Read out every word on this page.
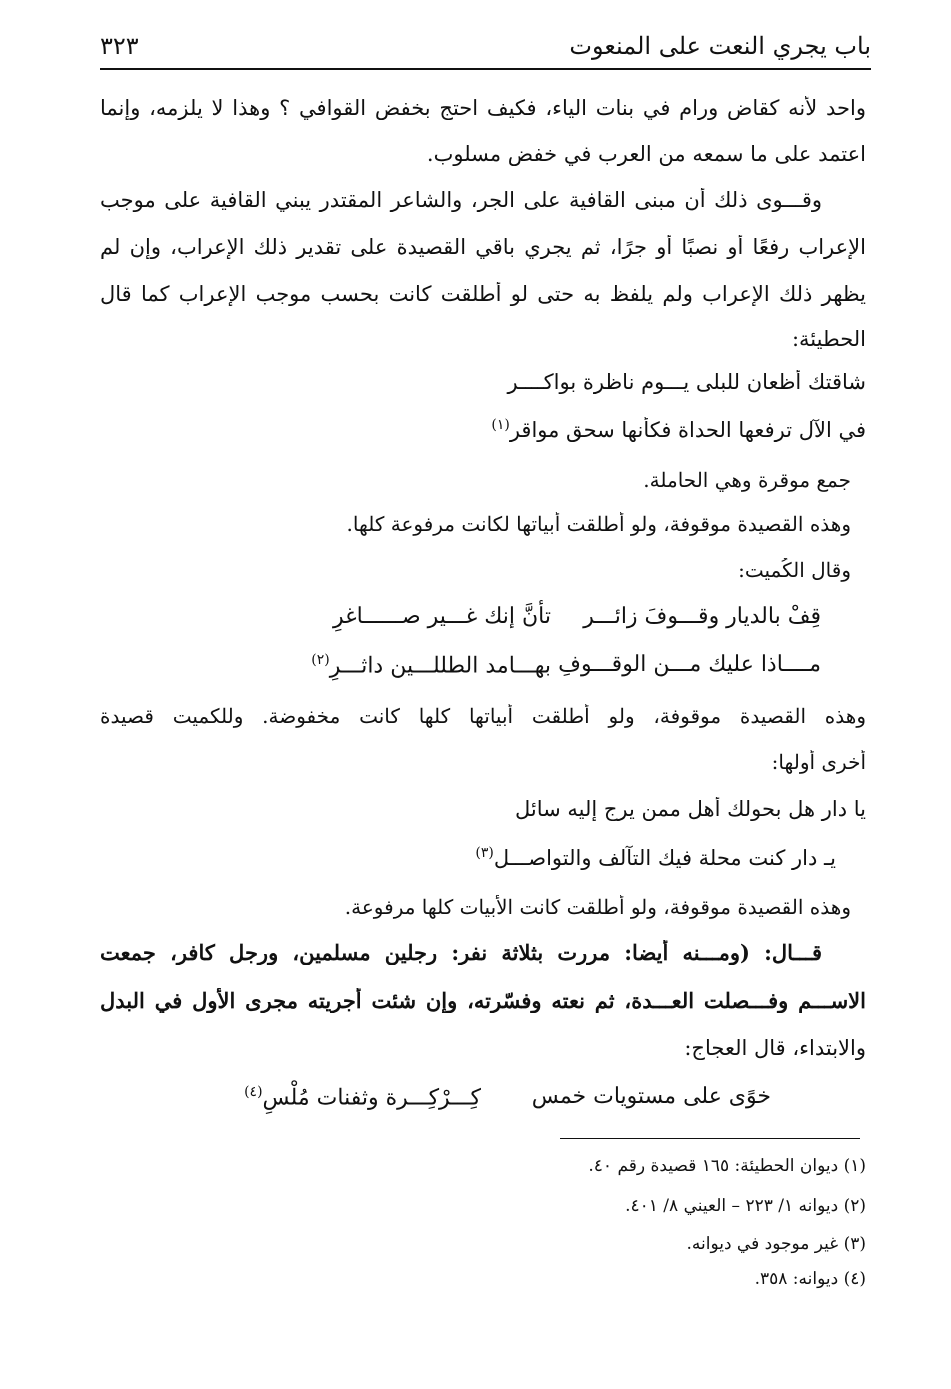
باب يجري النعت على المنعوت
٣٢٣
واحد لأنه كقاضٍ ورامٍ في بنات الياء، فكيف احتج بخفض القوافي ؟ وهذا لا يلزمه، وإنما
اعتمد على ما سمعه من العرب في خفض مسلوب.
وقـــوى ذلك أن مبنى القافية على الجر، والشاعر المقتدر يبني القافية على موجب
الإعراب رفعًا أو نصبًا أو جرًا، ثم يجري باقي القصيدة على تقدير ذلك الإعراب، وإن لم
يظهر ذلك الإعراب ولم يلفظ به حتى لو أطلقت كانت بحسب موجب الإعراب كما قال
الحطيئة:
شاقتك أظعان للبلى يـــوم ناظرة بواكــــر
في الآل ترفعها الحداة فكأنها سحق مواقر$^{(١)}$
جمع موقرة وهي الحاملة.
وهذه القصيدة موقوفة، ولو أطلقت أبياتها لكانت مرفوعة كلها.
وقال الكُميت:
قِفْ بالديار وقـــوفَ زائـــر
تأنَّ إنك غـــير صــــــاغرِ
مــــاذا عليك مـــن الوقـــوفِ
بهـــامد الطللـــين داثـــرِ$^{(٢)}$
وهذه القصيدة موقوفة، ولو أطلقت أبياتها كلها كانت مخفوضة. وللكميت قصيدة
أخرى أولها:
يا دار هل بحولك أهل ممن يرج إليه سائل
يـ دار كنت محلة فيك التآلف والتواصـــل$^{(٣)}$
وهذه القصيدة موقوفة، ولو أطلقت كانت الأبيات كلها مرفوعة.
قـــال: (ومـــنه أيضا: مررت بثلاثة نفر: رجلين مسلمين، ورجل كافر، جمعت
الاســـم وفـــصلت العـــدة، ثم نعته وفسّرته، وإن شئت أجريته مجرى الأول في البدل
والابتداء، قال العجاج:
خوًى على مستويات خمس
كِـــرْكِـــرة وثفنات مُلْسِ$^{(٤)}$
(١) ديوان الحطيئة: ١٦٥ قصيدة رقم ٤٠.
(٢) ديوانه ١/ ٢٢٣ – العيني ٨/ ٤٠١.
(٣) غير موجود في ديوانه.
(٤) ديوانه: ٣٥٨.
